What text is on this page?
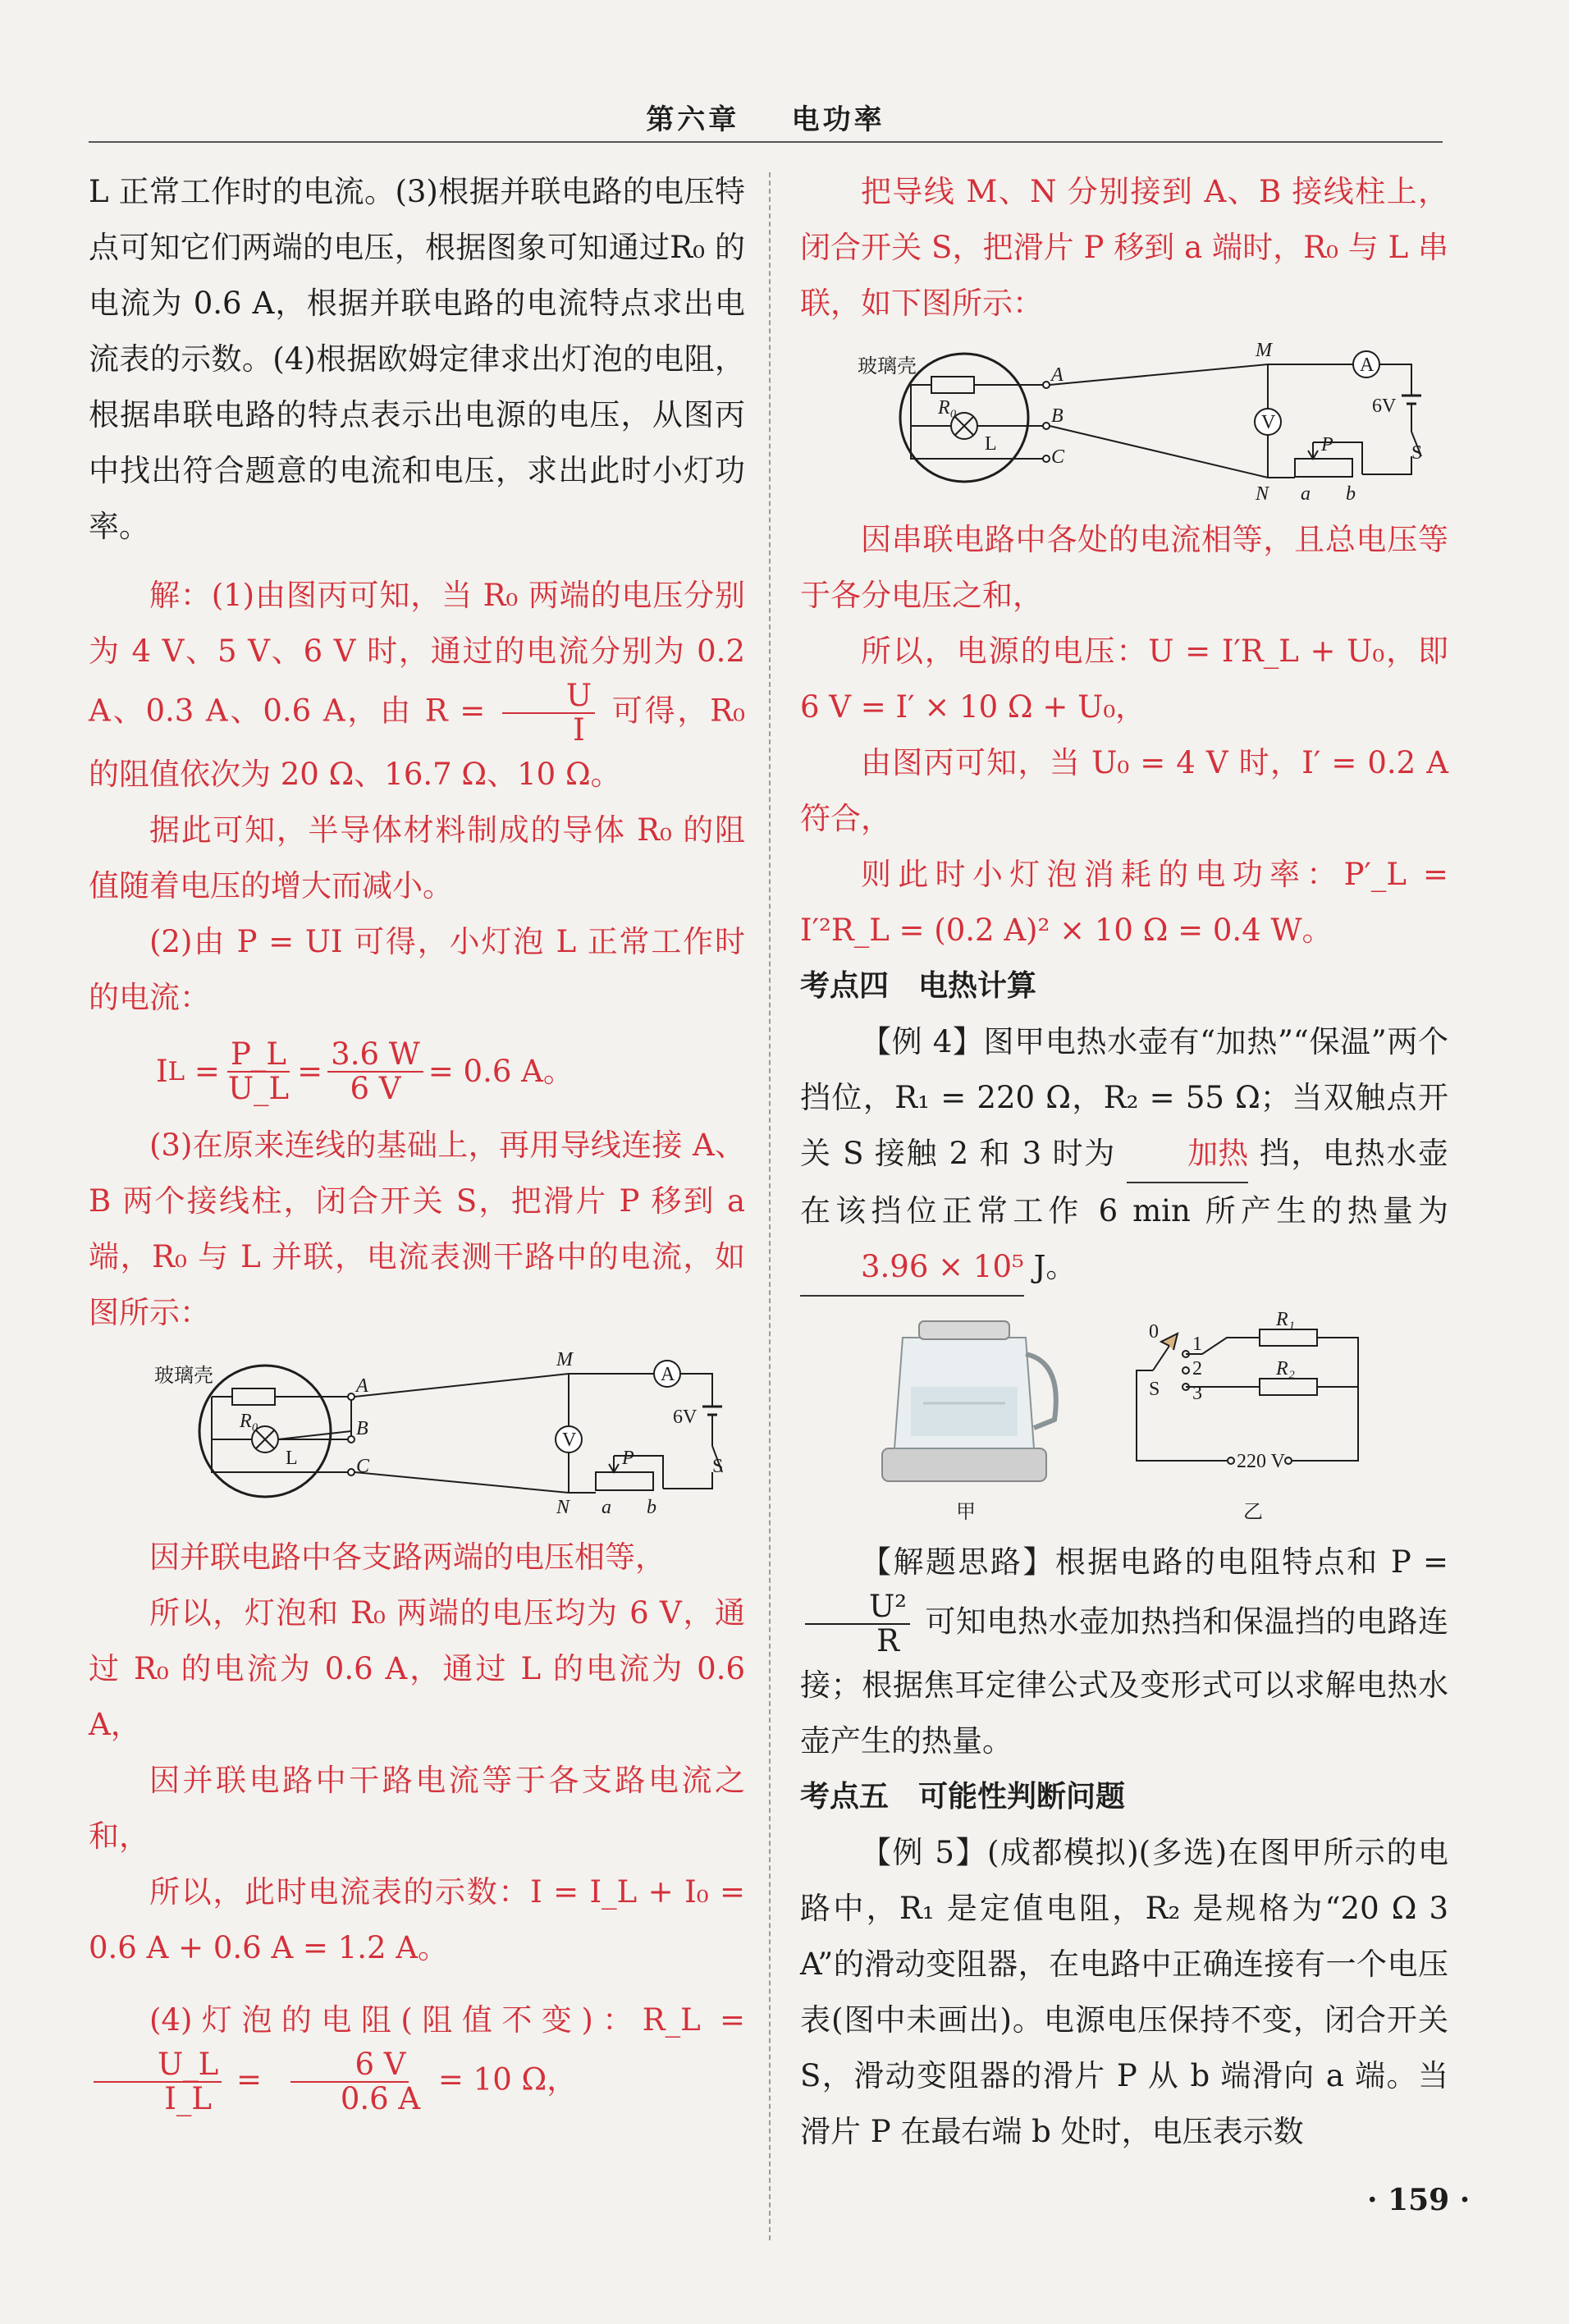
第六章 电功率

L 正常工作时的电流。(3)根据并联电路的电压特点可知它们两端的电压，根据图象可知通过R₀ 的电流为 0.6 A，根据并联电路的电流特点求出电流表的示数。(4)根据欧姆定律求出灯泡的电阻，根据串联电路的特点表示出电源的电压，从图丙中找出符合题意的电流和电压，求出此时小灯功率。

解：(1)由图丙可知，当 R₀ 两端的电压分别为 4 V、5 V、6 V 时，通过的电流分别为 0.2 A、0.3 A、0.6 A，由 $R = \frac{U}{I}$ 可得，R₀ 的阻值依次为 20 Ω、16.7 Ω、10 Ω。

据此可知，半导体材料制成的导体 R₀ 的阻值随着电压的增大而减小。

(2)由 P = UI 可得，小灯泡 L 正常工作时的电流：

I $L = \frac{P\_L}{U\_L} = \frac{3.6 W}{6 V} = 0.6$ A。

(3)在原来连线的基础上，再用导线连接 A、B 两个接线柱，闭合开关 S，把滑片 P 移到 a 端，R₀ 与 L 并联，电流表测干路中的电流，如图所示：

玻璃壳
R₀
L
A
B
C
M
N
A
V
6V
S
P
a b

因并联电路中各支路两端的电压相等，

所以，灯泡和 R₀ 两端的电压均为 6 V，通过 R₀ 的电流为 0.6 A，通过 L 的电流为 0.6 A，

因并联电路中干路电流等于各支路电流之和，

所以，此时电流表的示数：I = I_L + I₀ = 0.6 A + 0.6 A = 1.2 A。

(4)灯泡的电阻(阻值不变)：R_L =
$\frac{U\_L}{I\_L} = \frac{6 V}{0.6 A} = 10$ Ω，

把导线 M、N 分别接到 A、B 接线柱上，闭合开关 S，把滑片 P 移到 a 端时，R₀ 与 L 串联，如下图所示：

玻璃壳
R₀
L
A
B
C
M
N
A
V
6V
S
P
a b

因串联电路中各处的电流相等，且总电压等于各分电压之和，

所以，电源的电压：U = I′R_L + U₀，即 6 V = I′ × 10 Ω + U₀，

由图丙可知，当 U₀ = 4 V 时，I′ = 0.2 A 符合，

则此时小灯泡消耗的电功率：P′_L = I′²R_L = (0.2 A)² × 10 Ω = 0.4 W。

考点四　电热计算

【例 4】图甲电热水壶有“加热”“保温”两个挡位，R₁ = 220 Ω，R₂ = 55 Ω；当双触点开关 S 接触 2 和 3 时为 加热 挡，电热水壶在该挡位正常工作 6 min 所产生的热量为 3.96 × 10⁵ J。

0
1
2
3
S
R₁
R₂
220 V
甲	乙

【解题思路】根据电路的电阻特点和 P =
$\frac{\text{U²}}{R}$ 可知电热水壶加热挡和保温挡的电路连接；根据焦耳定律公式及变形式可以求解电热水壶产生的热量。

考点五　可能性判断问题

【例 5】(成都模拟)(多选)在图甲所示的电路中，R₁ 是定值电阻，R₂ 是规格为“20 Ω 3 A”的滑动变阻器，在电路中正确连接有一个电压表(图中未画出)。电源电压保持不变，闭合开关 S，滑动变阻器的滑片 P 从 b 端滑向 a 端。当滑片 P 在最右端 b 处时，电压表示数

· 159 ·
